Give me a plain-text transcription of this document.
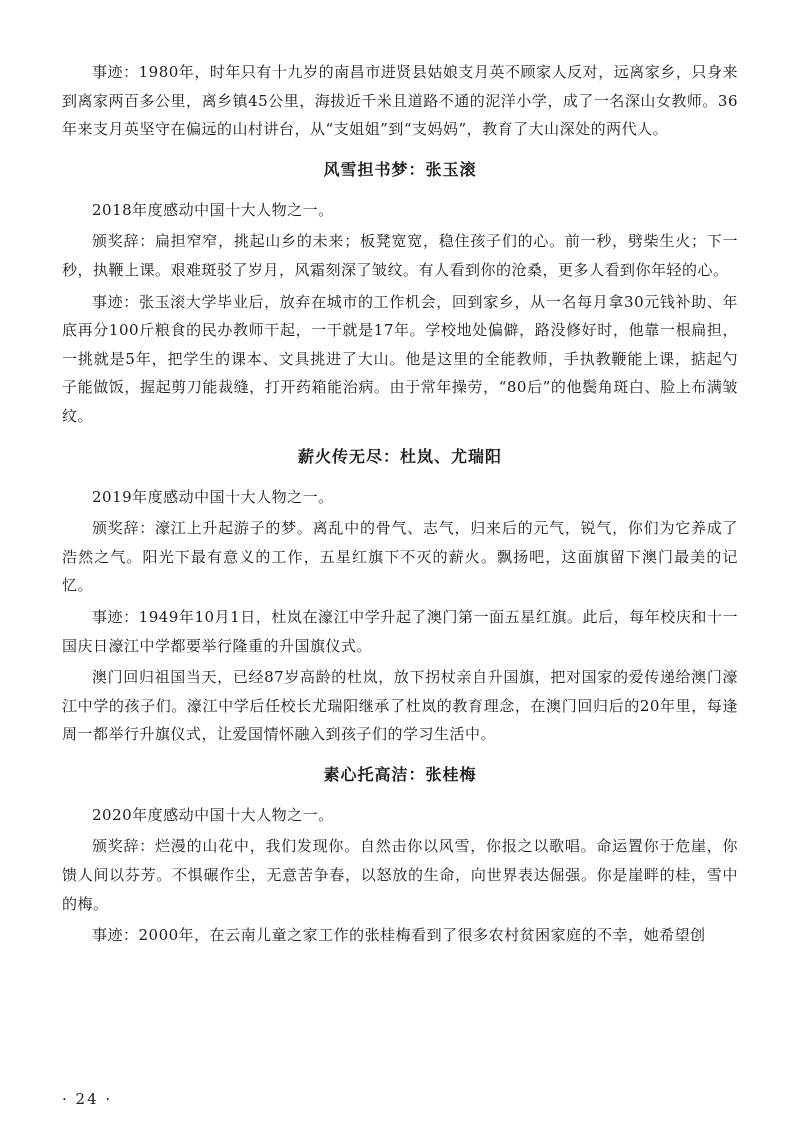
事迹：1980年，时年只有十九岁的南昌市进贤县姑娘支月英不顾家人反对，远离家乡，只身来到离家两百多公里，离乡镇45公里，海拔近千米且道路不通的泥洋小学，成了一名深山女教师。36年来支月英坚守在偏远的山村讲台，从“支姐姐”到“支妈妈”，教育了大山深处的两代人。

风雪担书梦：张玉滚

2018年度感动中国十大人物之一。

颁奖辞：扁担窄窄，挑起山乡的未来；板凳宽宽，稳住孩子们的心。前一秒，劈柴生火；下一秒，执鞭上课。艰难斑驳了岁月，风霜刻深了皱纹。有人看到你的沧桑，更多人看到你年轻的心。

事迹：张玉滚大学毕业后，放弃在城市的工作机会，回到家乡，从一名每月拿30元钱补助、年底再分100斤粮食的民办教师干起，一干就是17年。学校地处偏僻，路没修好时，他靠一根扁担，一挑就是5年，把学生的课本、文具挑进了大山。他是这里的全能教师，手执教鞭能上课，掂起勺子能做饭，握起剪刀能裁缝，打开药箱能治病。由于常年操劳，“80后”的他鬓角斑白、脸上布满皱纹。

薪火传无尽：杜岚、尤瑞阳

2019年度感动中国十大人物之一。

颁奖辞：濠江上升起游子的梦。离乱中的骨气、志气，归来后的元气，锐气，你们为它养成了浩然之气。阳光下最有意义的工作，五星红旗下不灭的薪火。飘扬吧，这面旗留下澳门最美的记忆。

事迹：1949年10月1日，杜岚在濠江中学升起了澳门第一面五星红旗。此后，每年校庆和十一国庆日濠江中学都要举行隆重的升国旗仪式。

澳门回归祖国当天，已经87岁高龄的杜岚，放下拐杖亲自升国旗，把对国家的爱传递给澳门濠江中学的孩子们。濠江中学后任校长尤瑞阳继承了杜岚的教育理念，在澳门回归后的20年里，每逢周一都举行升旗仪式，让爱国情怀融入到孩子们的学习生活中。

素心托高洁：张桂梅

2020年度感动中国十大人物之一。

颁奖辞：烂漫的山花中，我们发现你。自然击你以风雪，你报之以歌唱。命运置你于危崖，你馈人间以芬芳。不惧碾作尘，无意苦争春，以怒放的生命，向世界表达倔强。你是崖畔的桂，雪中的梅。

事迹：2000年，在云南儿童之家工作的张桂梅看到了很多农村贫困家庭的不幸，她希望创

· 24 ·
